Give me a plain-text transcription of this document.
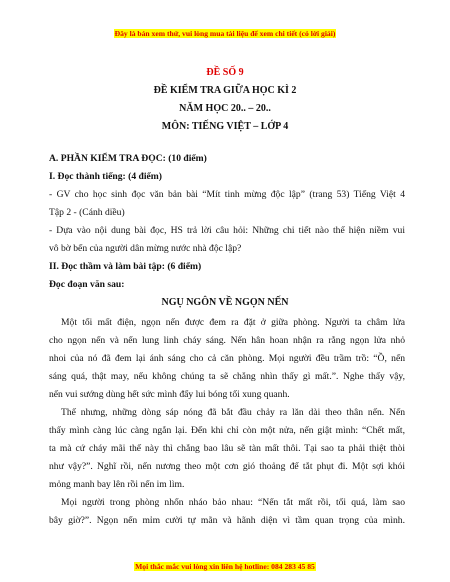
Đây là bản xem thử, vui lòng mua tài liệu để xem chi tiết (có lời giải)
ĐỀ SỐ 9
ĐỀ KIỂM TRA GIỮA HỌC KÌ 2
NĂM HỌC 20.. – 20..
MÔN: TIẾNG VIỆT – LỚP 4
A. PHẦN KIỂM TRA ĐỌC: (10 điểm)
I. Đọc thành tiếng: (4 điểm)
- GV cho học sinh đọc văn bản bài “Mít tinh mừng độc lập” (trang 53) Tiếng Việt 4
Tập 2 - (Cánh diều)
- Dựa vào nội dung bài đọc, HS trả lời câu hỏi: Những chi tiết nào thể hiện niềm vui
vô bờ bến của người dân mừng nước nhà độc lập?
II. Đọc thầm và làm bài tập: (6 điểm)
Đọc đoạn văn sau:
NGỤ NGÔN VỀ NGỌN NẾN
Một tối mất điện, ngọn nến được đem ra đặt ở giữa phòng. Người ta châm lửa
cho ngọn nến và nến lung linh cháy sáng. Nến hân hoan nhận ra rằng ngọn lửa nhỏ
nhoi của nó đã đem lại ánh sáng cho cả căn phòng. Mọi người đều trầm trồ: “Ồ, nến
sáng quá, thật may, nếu không chúng ta sẽ chẳng nhìn thấy gì mất.”. Nghe thấy vậy,
nến vui sướng dùng hết sức mình đẩy lui bóng tối xung quanh.
Thế nhưng, những dòng sáp nóng đã bắt đầu chảy ra lăn dài theo thân nến. Nến
thấy mình càng lúc càng ngắn lại. Đến khi chỉ còn một nửa, nến giật mình: “Chết mất,
ta mà cứ cháy mãi thế này thì chẳng bao lâu sẽ tàn mất thôi. Tại sao ta phải thiệt thòi
như vậy?”. Nghĩ rồi, nến nương theo một cơn gió thoảng để tắt phụt đi. Một sợi khói
mỏng manh bay lên rồi nến im lìm.
Mọi người trong phòng nhốn nháo bảo nhau: “Nến tắt mất rồi, tối quá, làm sao
bây giờ?”. Ngọn nến mỉm cười tự mãn và hãnh diện vì tầm quan trọng của mình.
Mọi thắc mắc vui lòng xin liên hệ hotline: 084 283 45 85
